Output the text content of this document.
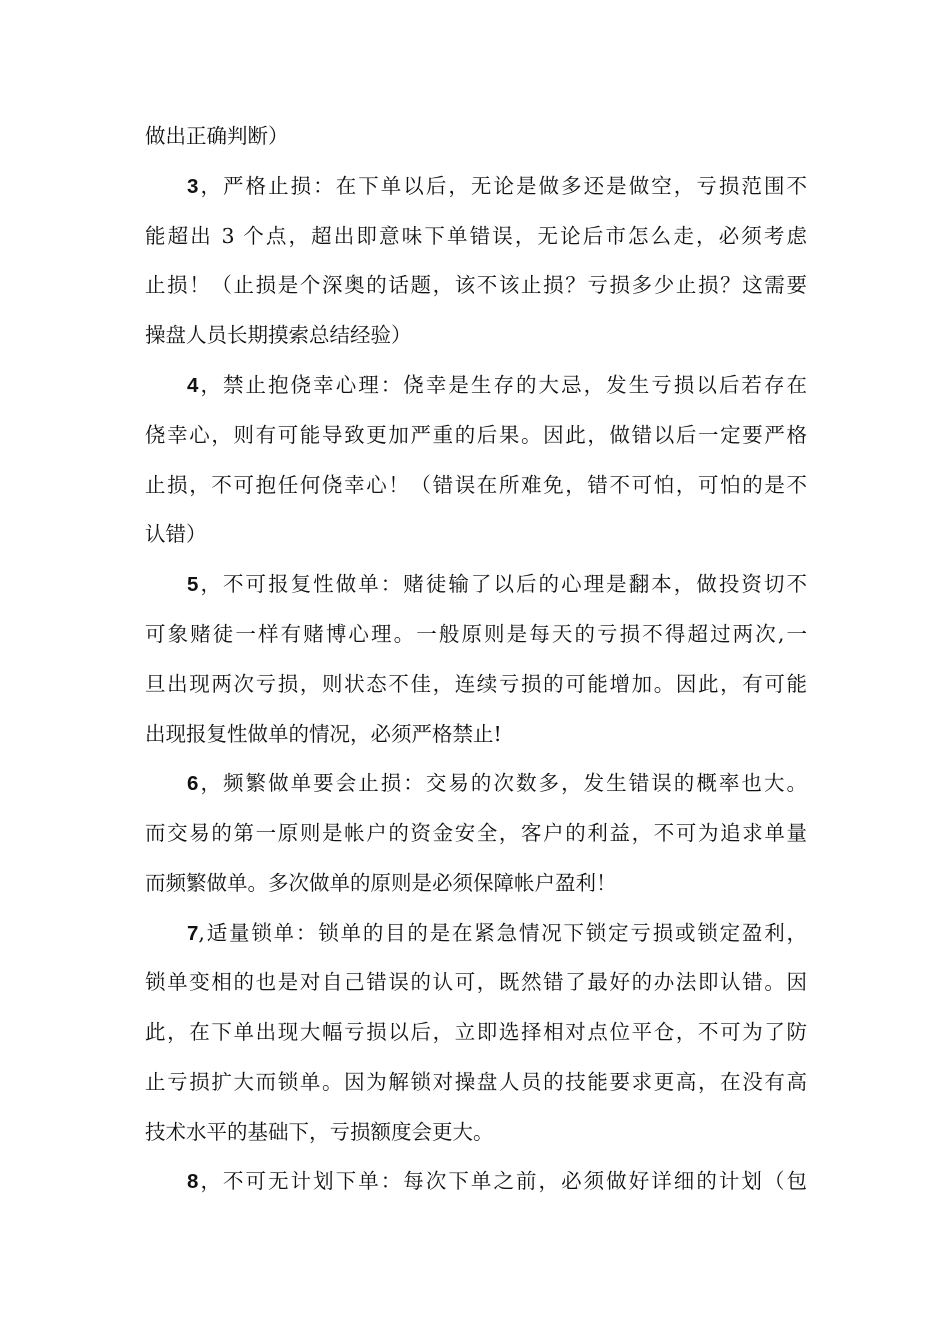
做出正确判断）
3，严格止损：在下单以后，无论是做多还是做空，亏损范围不
能超出 3 个点，超出即意味下单错误，无论后市怎么走，必须考虑
止损！（止损是个深奥的话题，该不该止损？亏损多少止损？这需要
操盘人员长期摸索总结经验）
4，禁止抱侥幸心理：侥幸是生存的大忌，发生亏损以后若存在
侥幸心，则有可能导致更加严重的后果。因此，做错以后一定要严格
止损，不可抱任何侥幸心！（错误在所难免，错不可怕，可怕的是不
认错）
5，不可报复性做单：赌徒输了以后的心理是翻本，做投资切不
可象赌徒一样有赌博心理。一般原则是每天的亏损不得超过两次,一
旦出现两次亏损，则状态不佳，连续亏损的可能增加。因此，有可能
出现报复性做单的情况，必须严格禁止!
6，频繁做单要会止损：交易的次数多，发生错误的概率也大。
而交易的第一原则是帐户的资金安全，客户的利益，不可为追求单量
而频繁做单。多次做单的原则是必须保障帐户盈利！
7,适量锁单：锁单的目的是在紧急情况下锁定亏损或锁定盈利，
锁单变相的也是对自己错误的认可，既然错了最好的办法即认错。因
此，在下单出现大幅亏损以后，立即选择相对点位平仓，不可为了防
止亏损扩大而锁单。因为解锁对操盘人员的技能要求更高，在没有高
技术水平的基础下，亏损额度会更大。
8，不可无计划下单：每次下单之前，必须做好详细的计划（包
